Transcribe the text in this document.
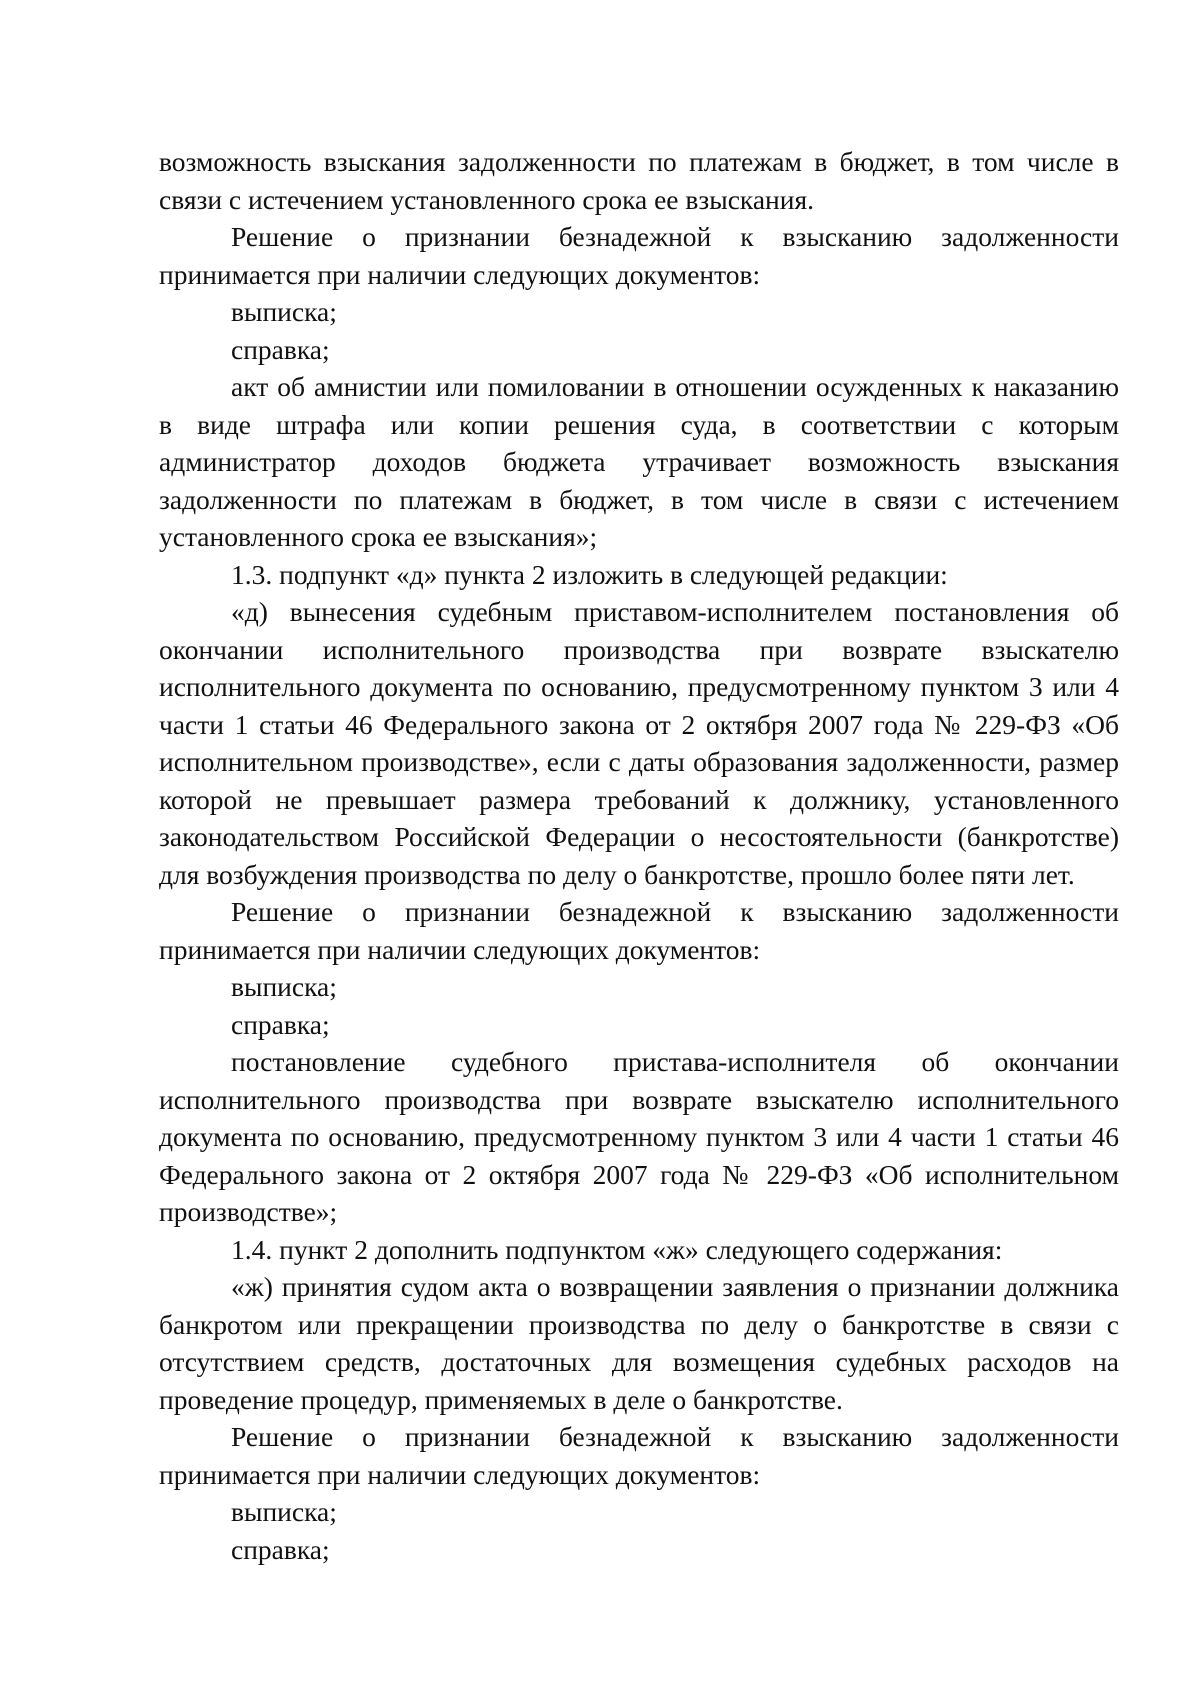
возможность взыскания задолженности по платежам в бюджет, в том числе в связи с истечением установленного срока ее взыскания.

Решение о признании безнадежной к взысканию задолженности принимается при наличии следующих документов:

выписка;

справка;

акт об амнистии или помиловании в отношении осужденных к наказанию в виде штрафа или копии решения суда, в соответствии с которым администратор доходов бюджета утрачивает возможность взыскания задолженности по платежам в бюджет, в том числе в связи с истечением установленного срока ее взыскания»;

1.3. подпункт «д» пункта 2 изложить в следующей редакции:

«д) вынесения судебным приставом-исполнителем постановления об окончании исполнительного производства при возврате взыскателю исполнительного документа по основанию, предусмотренному пунктом 3 или 4 части 1 статьи 46 Федерального закона от 2 октября 2007 года № 229-ФЗ «Об исполнительном производстве», если с даты образования задолженности, размер которой не превышает размера требований к должнику, установленного законодательством Российской Федерации о несостоятельности (банкротстве) для возбуждения производства по делу о банкротстве, прошло более пяти лет.

Решение о признании безнадежной к взысканию задолженности принимается при наличии следующих документов:

выписка;

справка;

постановление судебного пристава-исполнителя об окончании исполнительного производства при возврате взыскателю исполнительного документа по основанию, предусмотренному пунктом 3 или 4 части 1 статьи 46 Федерального закона от 2 октября 2007 года № 229-ФЗ «Об исполнительном производстве»;

1.4. пункт 2 дополнить подпунктом «ж» следующего содержания:

«ж) принятия судом акта о возвращении заявления о признании должника банкротом или прекращении производства по делу о банкротстве в связи с отсутствием средств, достаточных для возмещения судебных расходов на проведение процедур, применяемых в деле о банкротстве.

Решение о признании безнадежной к взысканию задолженности принимается при наличии следующих документов:

выписка;

справка;
